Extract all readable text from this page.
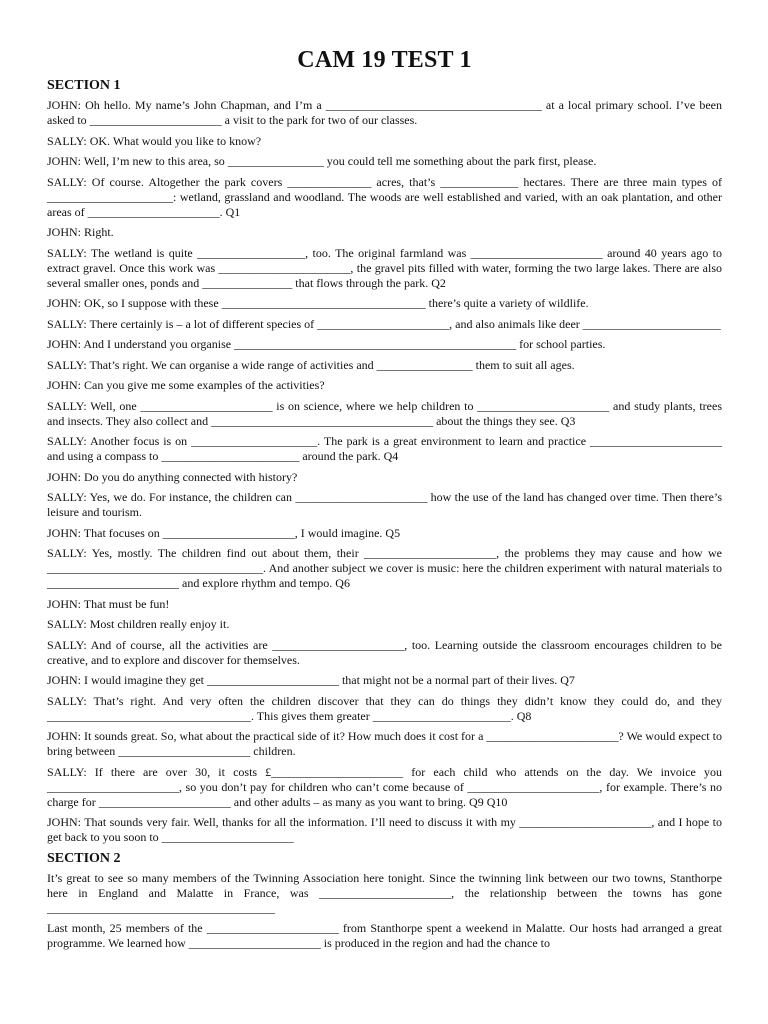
CAM 19 TEST 1
SECTION 1

JOHN: Oh hello. My name’s John Chapman, and I’m a ____________________________________ at a local primary school. I’ve been asked to ______________________ a visit to the park for two of our classes.

SALLY: OK. What would you like to know?

JOHN: Well, I’m new to this area, so ________________ you could tell me something about the park first, please.

SALLY: Of course. Altogether the park covers ______________ acres, that’s _____________ hectares. There are three main types of _____________________: wetland, grassland and woodland. The woods are well established and varied, with an oak plantation, and other areas of ______________________. Q1

JOHN: Right.

SALLY: The wetland is quite __________________, too. The original farmland was ______________________ around 40 years ago to extract gravel. Once this work was ______________________, the gravel pits filled with water, forming the two large lakes. There are also several smaller ones, ponds and _______________ that flows through the park. Q2

JOHN: OK, so I suppose with these __________________________________ there’s quite a variety of wildlife.

SALLY: There certainly is – a lot of different species of ______________________, and also animals like deer _______________________

JOHN: And I understand you organise _______________________________________________ for school parties.

SALLY: That’s right. We can organise a wide range of activities and ________________ them to suit all ages.

JOHN: Can you give me some examples of the activities?

SALLY: Well, one ______________________ is on science, where we help children to ______________________ and study plants, trees and insects. They also collect and _____________________________________ about the things they see. Q3

SALLY: Another focus is on _____________________. The park is a great environment to learn and practice ______________________ and using a compass to _______________________ around the park. Q4

JOHN: Do you do anything connected with history?

SALLY: Yes, we do. For instance, the children can ______________________ how the use of the land has changed over time. Then there’s leisure and tourism.

JOHN: That focuses on ______________________, I would imagine. Q5

SALLY: Yes, mostly. The children find out about them, their ______________________, the problems they may cause and how we ____________________________________. And another subject we cover is music: here the children experiment with natural materials to ______________________ and explore rhythm and tempo. Q6

JOHN: That must be fun!

SALLY: Most children really enjoy it.

SALLY: And of course, all the activities are ______________________, too. Learning outside the classroom encourages children to be creative, and to explore and discover for themselves.

JOHN: I would imagine they get ______________________ that might not be a normal part of their lives. Q7

SALLY: That’s right. And very often the children discover that they can do things they didn’t know they could do, and they __________________________________. This gives them greater _______________________. Q8

JOHN: It sounds great. So, what about the practical side of it? How much does it cost for a ______________________? We would expect to bring between ______________________ children.

SALLY: If there are over 30, it costs £______________________ for each child who attends on the day. We invoice you ______________________, so you don’t pay for children who can’t come because of ______________________, for example. There’s no charge for ______________________ and other adults – as many as you want to bring. Q9 Q10

JOHN: That sounds very fair. Well, thanks for all the information. I’ll need to discuss it with my ______________________, and I hope to get back to you soon to ______________________

SECTION 2

It’s great to see so many members of the Twinning Association here tonight. Since the twinning link between our two towns, Stanthorpe here in England and Malatte in France, was ______________________, the relationship between the towns has gone ______________________________________

Last month, 25 members of the ______________________ from Stanthorpe spent a weekend in Malatte. Our hosts had arranged a great programme. We learned how ______________________ is produced in the region and had the chance to
